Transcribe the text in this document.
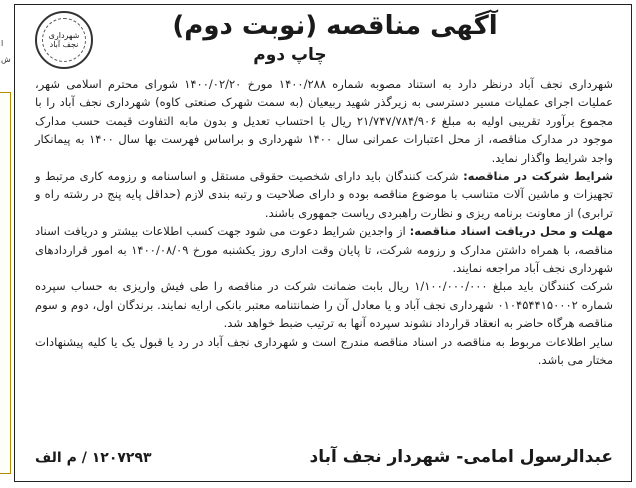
ا
ش
شهرداری
نجف آباد
آگهی مناقصه (نوبت دوم)
چاپ دوم

شهرداری نجف آباد درنظر دارد به استناد مصوبه شماره ۱۴۰۰/۲۸۸ مورخ ۱۴۰۰/۰۲/۲۰ شورای محترم اسلامی شهر، عملیات اجرای عملیات مسیر دسترسی به زیرگذر شهید ربیعیان (به سمت شهرک صنعتی کاوه) شهرداری نجف آباد را با مجموع برآورد تقریبی اولیه به مبلغ ۲۱/۷۴۷/۷۸۴/۹۰۶ ریال با احتساب تعدیل و بدون مابه التفاوت قیمت حسب مدارک موجود در مدارک مناقصه، از محل اعتبارات عمرانی سال ۱۴۰۰ شهرداری و براساس فهرست بها سال ۱۴۰۰ به پیمانکار واجد شرایط واگذار نماید.

شرایط شرکت در مناقصه: شرکت کنندگان باید دارای شخصیت حقوقی مستقل و اساسنامه و رزومه کاری مرتبط و تجهیزات و ماشین آلات متناسب با موضوع مناقصه بوده و دارای صلاحیت و رتبه بندی لازم (حداقل پایه پنج در رشته راه و ترابری) از معاونت برنامه ریزی و نظارت راهبردی ریاست جمهوری باشند.

مهلت و محل دریافت اسناد مناقصه: از واجدین شرایط دعوت می شود جهت کسب اطلاعات بیشتر و دریافت اسناد مناقصه، با همراه داشتن مدارک و رزومه شرکت، تا پایان وقت اداری روز یکشنبه مورخ ۱۴۰۰/۰۸/۰۹ به امور قراردادهای شهرداری نجف آباد مراجعه نمایند.

شرکت کنندگان باید مبلغ ۱/۱۰۰/۰۰۰/۰۰۰ ریال بابت ضمانت شرکت در مناقصه را طی فیش واریزی به حساب سپرده شماره ۰۱۰۴۵۴۴۱۵۰۰۰۲ شهرداری نجف آباد و یا معادل آن را ضمانتنامه معتبر بانکی ارایه نمایند. برندگان اول، دوم و سوم مناقصه هرگاه حاضر به انعقاد قرارداد نشوند سپرده آنها به ترتیب ضبط خواهد شد.

سایر اطلاعات مربوط به مناقصه در اسناد مناقصه مندرج است و شهرداری نجف آباد در رد یا قبول یک یا کلیه پیشنهادات مختار می باشد.

عبدالرسول امامی- شهردار نجف آباد
۱۲۰۷۲۹۳ / م الف
